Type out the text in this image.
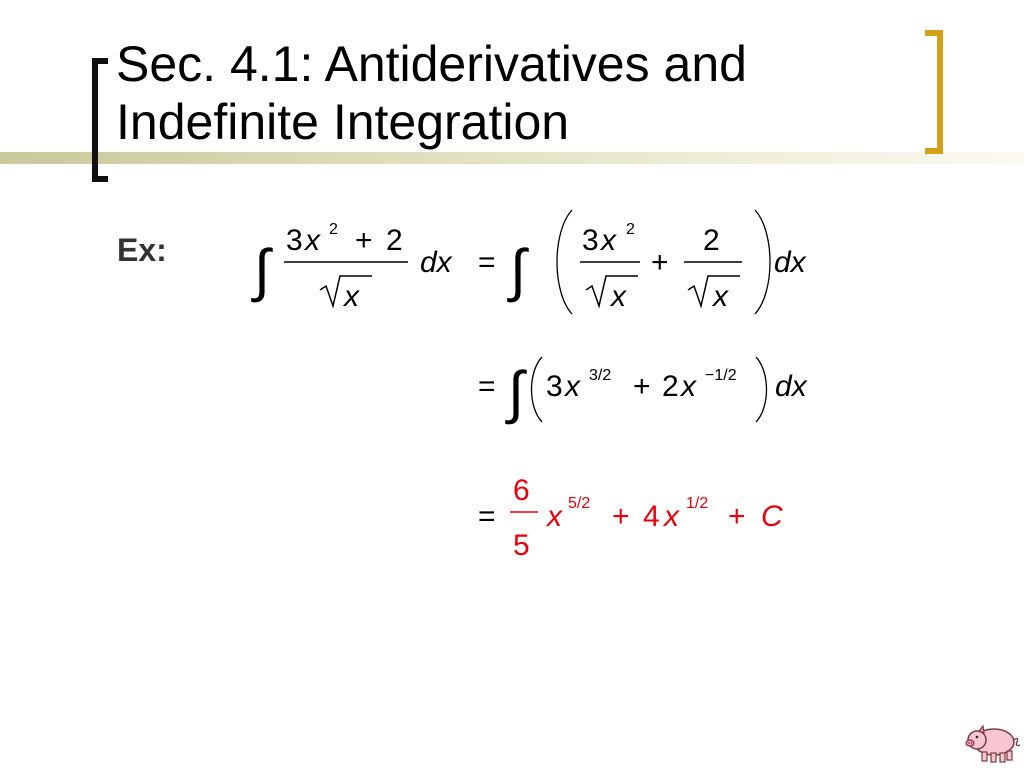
Sec. 4.1: Antiderivatives and
Indefinite Integration
Ex: ∫ 3 x 2 + 2
x
dx = ∫ 3 x 2
x
+
2
x
dx
= ∫ 3 x 3/2 + 2 x −1/2 dx
=
6
5
x 5/2 + 4 x 1/2 + C
